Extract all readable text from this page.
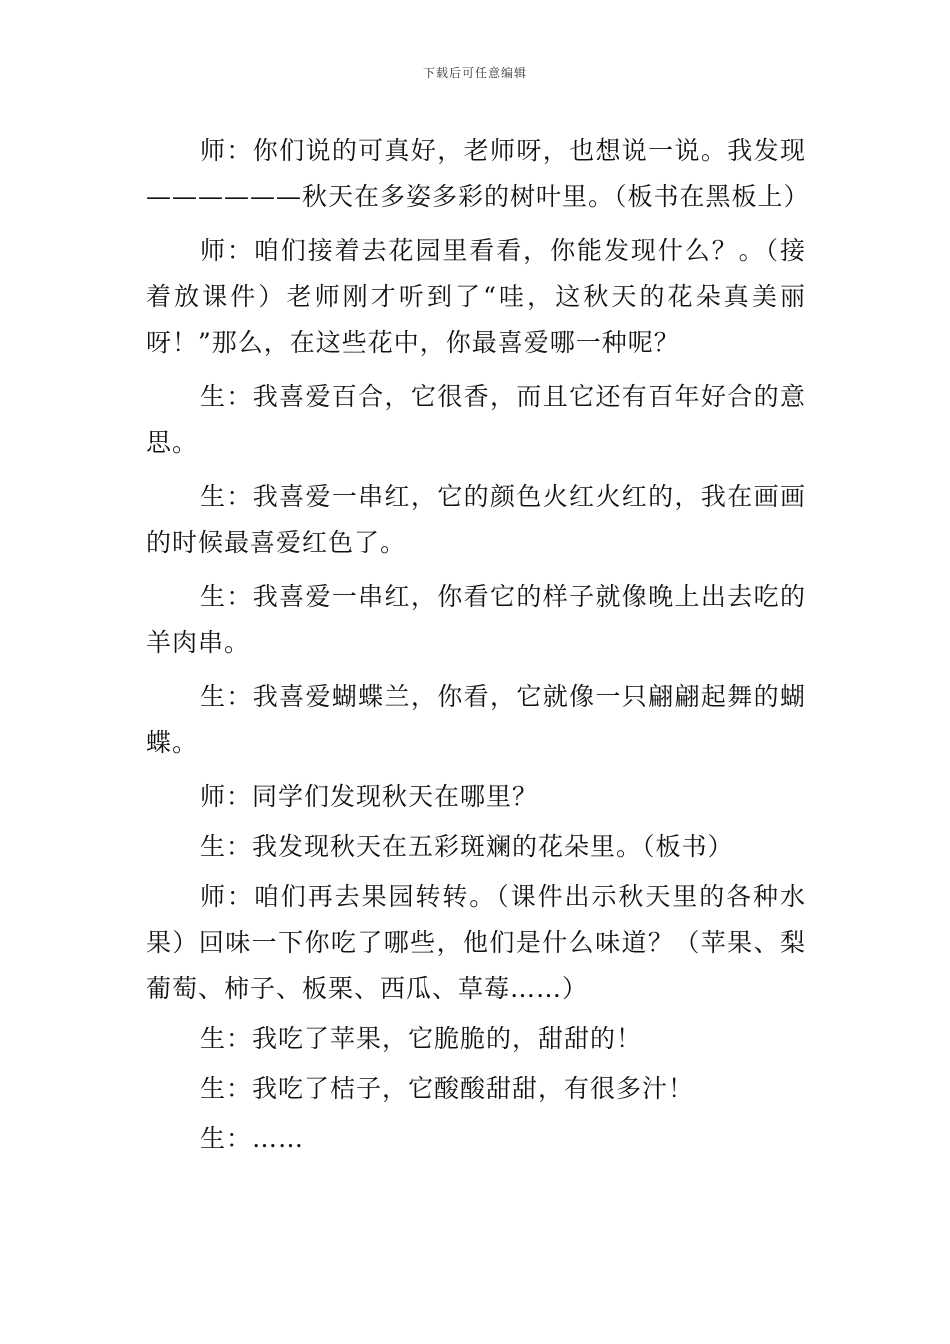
下载后可任意编辑

师：你们说的可真好，老师呀，也想说一说。我发现——————秋天在多姿多彩的树叶里。（板书在黑板上）

师：咱们接着去花园里看看，你能发现什么？。（接着放课件）老师刚才听到了“哇，这秋天的花朵真美丽呀！”那么，在这些花中，你最喜爱哪一种呢？

生：我喜爱百合，它很香，而且它还有百年好合的意思。

生：我喜爱一串红，它的颜色火红火红的，我在画画的时候最喜爱红色了。

生：我喜爱一串红，你看它的样子就像晚上出去吃的羊肉串。

生：我喜爱蝴蝶兰，你看，它就像一只翩翩起舞的蝴蝶。

师：同学们发现秋天在哪里？

生：我发现秋天在五彩斑斓的花朵里。（板书）

师：咱们再去果园转转。（课件出示秋天里的各种水果）回味一下你吃了哪些，他们是什么味道？（苹果、梨葡萄、柿子、板栗、西瓜、草莓……）

生：我吃了苹果，它脆脆的，甜甜的！

生：我吃了桔子，它酸酸甜甜，有很多汁！

生：……
